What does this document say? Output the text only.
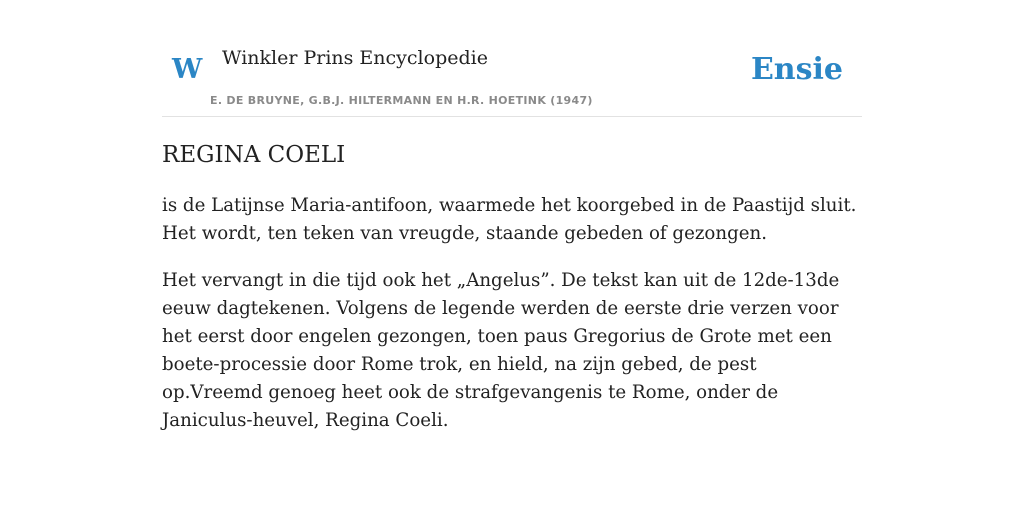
W Winkler Prins Encyclopedie
E. DE BRUYNE, G.B.J. HILTERMANN EN H.R. HOETINK (1947)
Ensie
REGINA COELI

is de Latijnse Maria-antifoon, waarmede het koorgebed in de Paastijd sluit. Het wordt, ten teken van vreugde, staande gebeden of gezongen.

Het vervangt in die tijd ook het „Angelus”. De tekst kan uit de 12de-13de eeuw dagtekenen. Volgens de legende werden de eerste drie verzen voor het eerst door engelen gezongen, toen paus Gregorius de Grote met een boete-processie door Rome trok, en hield, na zijn gebed, de pest op.Vreemd genoeg heet ook de strafgevangenis te Rome, onder de Janiculus-heuvel, Regina Coeli.
